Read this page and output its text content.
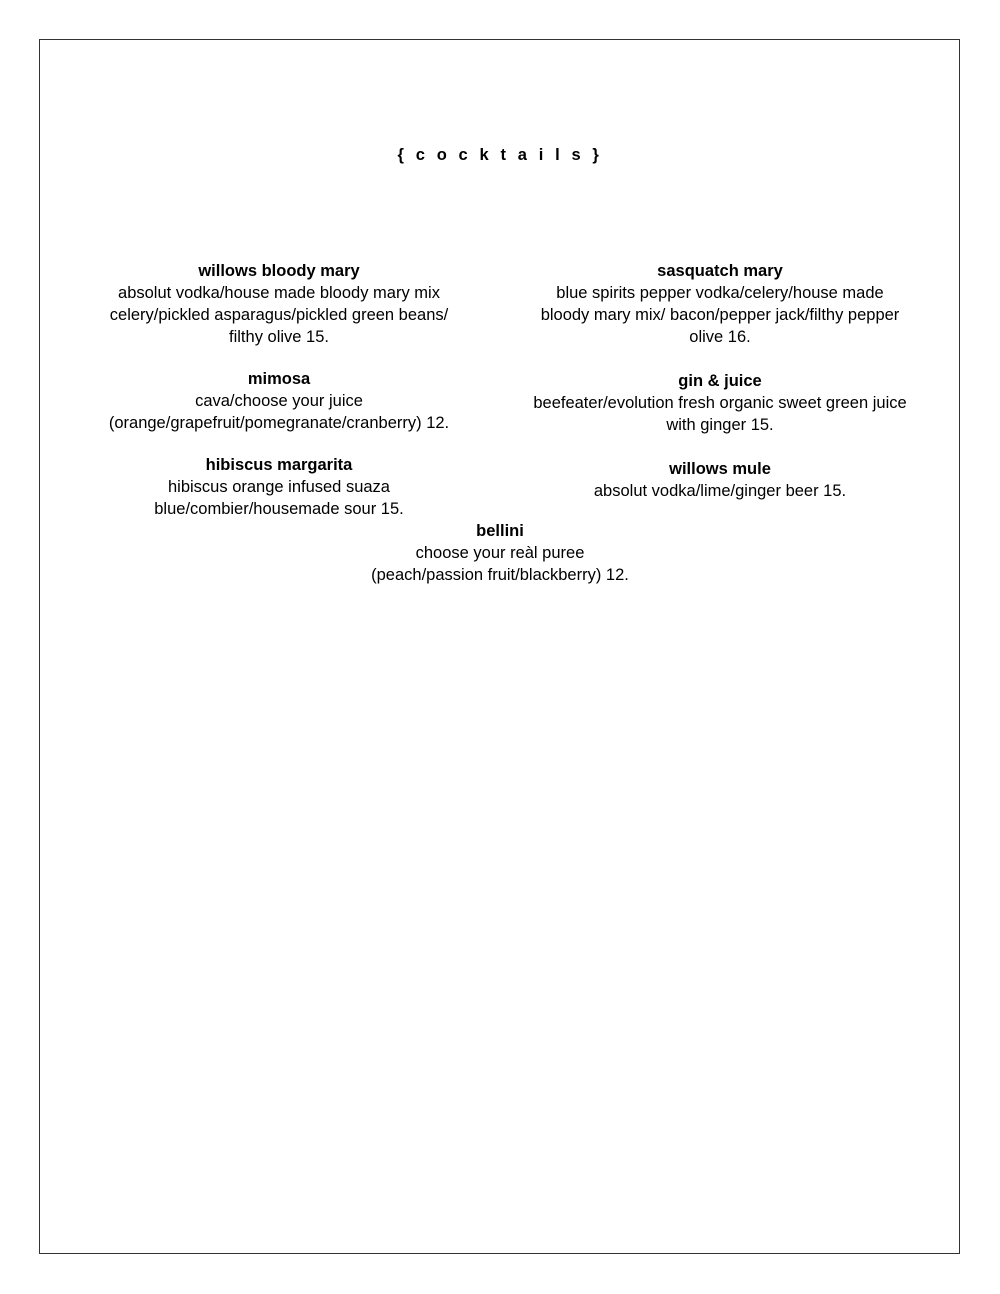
{ c o c k t a i l s }
willows bloody mary
absolut vodka/house made bloody mary mix
celery/pickled asparagus/pickled green beans/
filthy olive 15.
mimosa
cava/choose your juice
(orange/grapefruit/pomegranate/cranberry) 12.
hibiscus margarita
hibiscus orange infused suaza
blue/combier/housemade sour 15.
sasquatch mary
blue spirits pepper vodka/celery/house made
bloody mary mix/ bacon/pepper jack/filthy pepper
olive 16.
gin & juice
beefeater/evolution fresh organic sweet green juice
with ginger 15.
willows mule
absolut vodka/lime/ginger beer 15.
bellini
choose your reàl puree
(peach/passion fruit/blackberry) 12.
